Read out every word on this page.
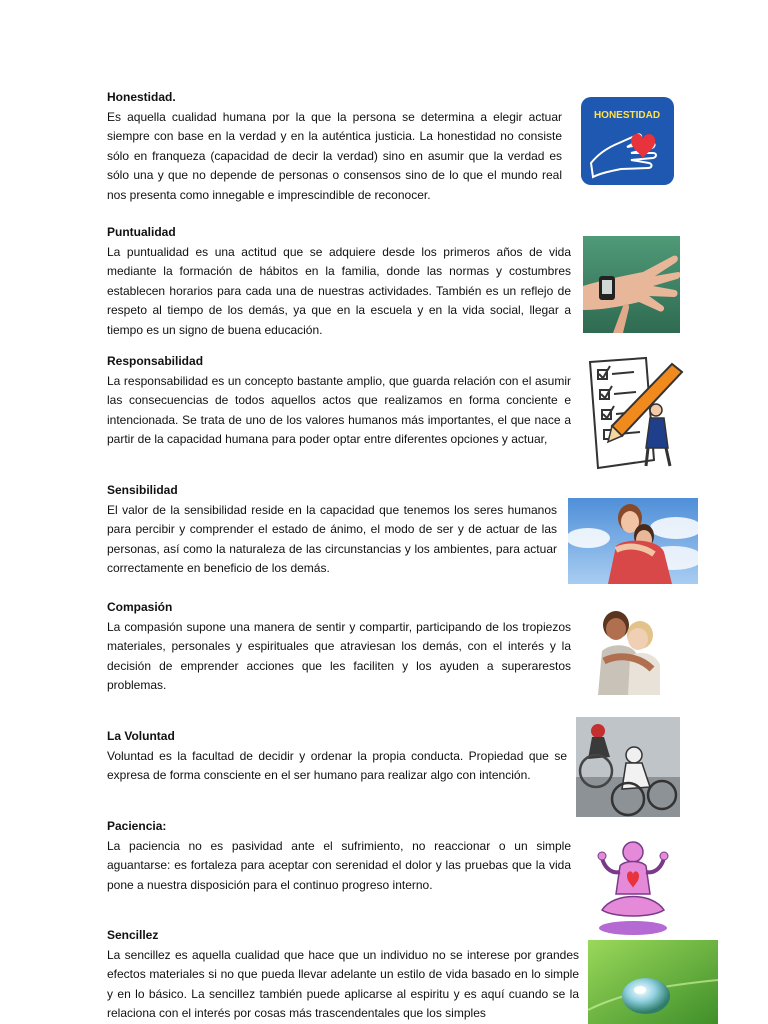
Honestidad.

Es aquella cualidad humana por la que la persona se determina a elegir actuar siempre con base en la verdad y en la auténtica justicia. La honestidad no consiste sólo en franqueza (capacidad de decir la verdad) sino en asumir que la verdad es sólo una y que no depende de personas o consensos sino de lo que el mundo real nos presenta como innegable e imprescindible de reconocer.

Puntualidad

La puntualidad es una actitud que se adquiere desde los primeros años de vida mediante la formación de hábitos en la familia, donde las normas y costumbres establecen horarios para cada una de nuestras actividades. También es un reflejo de respeto al tiempo de los demás, ya que en la escuela y en la vida social, llegar a tiempo es un signo de buena educación.

Responsabilidad

La responsabilidad es un concepto bastante amplio, que guarda relación con el asumir las consecuencias de todos aquellos actos que realizamos en forma conciente e intencionada. Se trata de uno de los valores humanos más importantes, el que nace a partir de la capacidad humana para poder optar entre diferentes opciones y actuar,

Sensibilidad

El valor de la sensibilidad reside en la capacidad que tenemos los seres humanos para percibir y comprender el estado de ánimo, el modo de ser y de actuar de las personas, así como la naturaleza de las circunstancias y los ambientes, para actuar correctamente en beneficio de los demás.

Compasión

La compasión supone una manera de sentir y compartir, participando de los tropiezos materiales, personales y espirituales que atraviesan los demás, con el interés y la decisión de emprender acciones que les faciliten y los ayuden a superarestos problemas.

La Voluntad

Voluntad es la facultad de decidir y ordenar la propia conducta. Propiedad que se expresa de forma consciente en el ser humano para realizar algo con intención.

Paciencia:

La paciencia no es pasividad ante el sufrimiento, no reaccionar o un simple aguantarse: es fortaleza para aceptar con serenidad el dolor y las pruebas que la vida pone a nuestra disposición para el continuo progreso interno.

Sencillez

La sencillez es aquella cualidad que hace que un individuo no se interese por grandes efectos materiales si no que pueda llevar adelante un estilo de vida basado en lo simple y en lo básico. La sencillez también puede aplicarse al espiritu y es aquí cuando se la relaciona con el interés por cosas más trascendentales que los simples

HONESTIDAD
